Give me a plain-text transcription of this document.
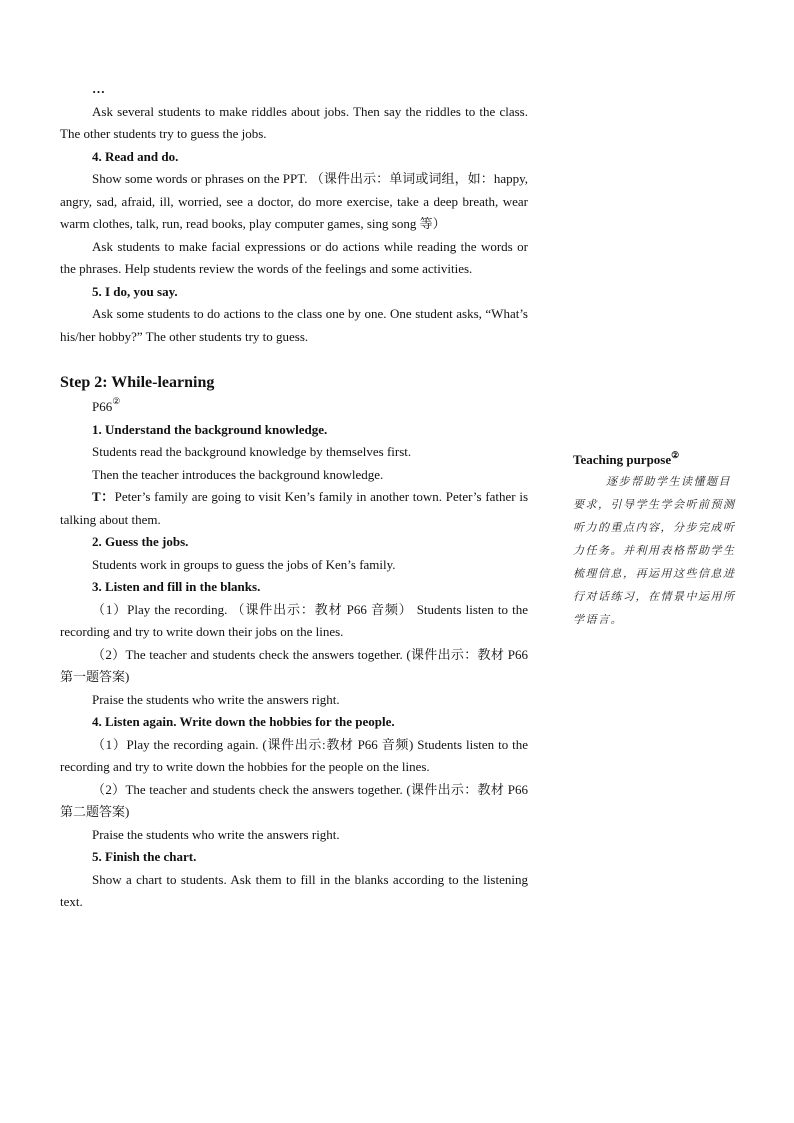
…

Ask several students to make riddles about jobs. Then say the riddles to the class. The other students try to guess the jobs.

4. Read and do.

Show some words or phrases on the PPT. （课件出示：单词或词组，如：happy, angry, sad, afraid, ill, worried, see a doctor, do more exercise, take a deep breath, wear warm clothes, talk, run, read books, play computer games, sing song 等）

Ask students to make facial expressions or do actions while reading the words or the phrases. Help students review the words of the feelings and some activities.

5. I do, you say.

Ask some students to do actions to the class one by one. One student asks, “What’s his/her hobby?” The other students try to guess.

Step 2: While-learning

P66②

1. Understand the background knowledge.

Students read the background knowledge by themselves first.

Then the teacher introduces the background knowledge.

T：Peter’s family are going to visit Ken’s family in another town. Peter’s father is talking about them.

2. Guess the jobs.

Students work in groups to guess the jobs of Ken’s family.

3. Listen and fill in the blanks.

（1）Play the recording. （课件出示：教材 P66 音频） Students listen to the recording and try to write down their jobs on the lines.

（2）The teacher and students check the answers together. (课件出示：教材 P66 第一题答案)

Praise the students who write the answers right.

4. Listen again. Write down the hobbies for the people.

（1）Play the recording again. (课件出示:教材 P66 音频) Students listen to the recording and try to write down the hobbies for the people on the lines.

（2）The teacher and students check the answers together. (课件出示：教材 P66 第二题答案)

Praise the students who write the answers right.

5. Finish the chart.

Show a chart to students. Ask them to fill in the blanks according to the listening text.

Teaching purpose②
逐步帮助学生读懂题目要求，引导学生学会听前预测听力的重点内容，分步完成听力任务。并利用表格帮助学生梳理信息，再运用这些信息进行对话练习，在情景中运用所学语言。
